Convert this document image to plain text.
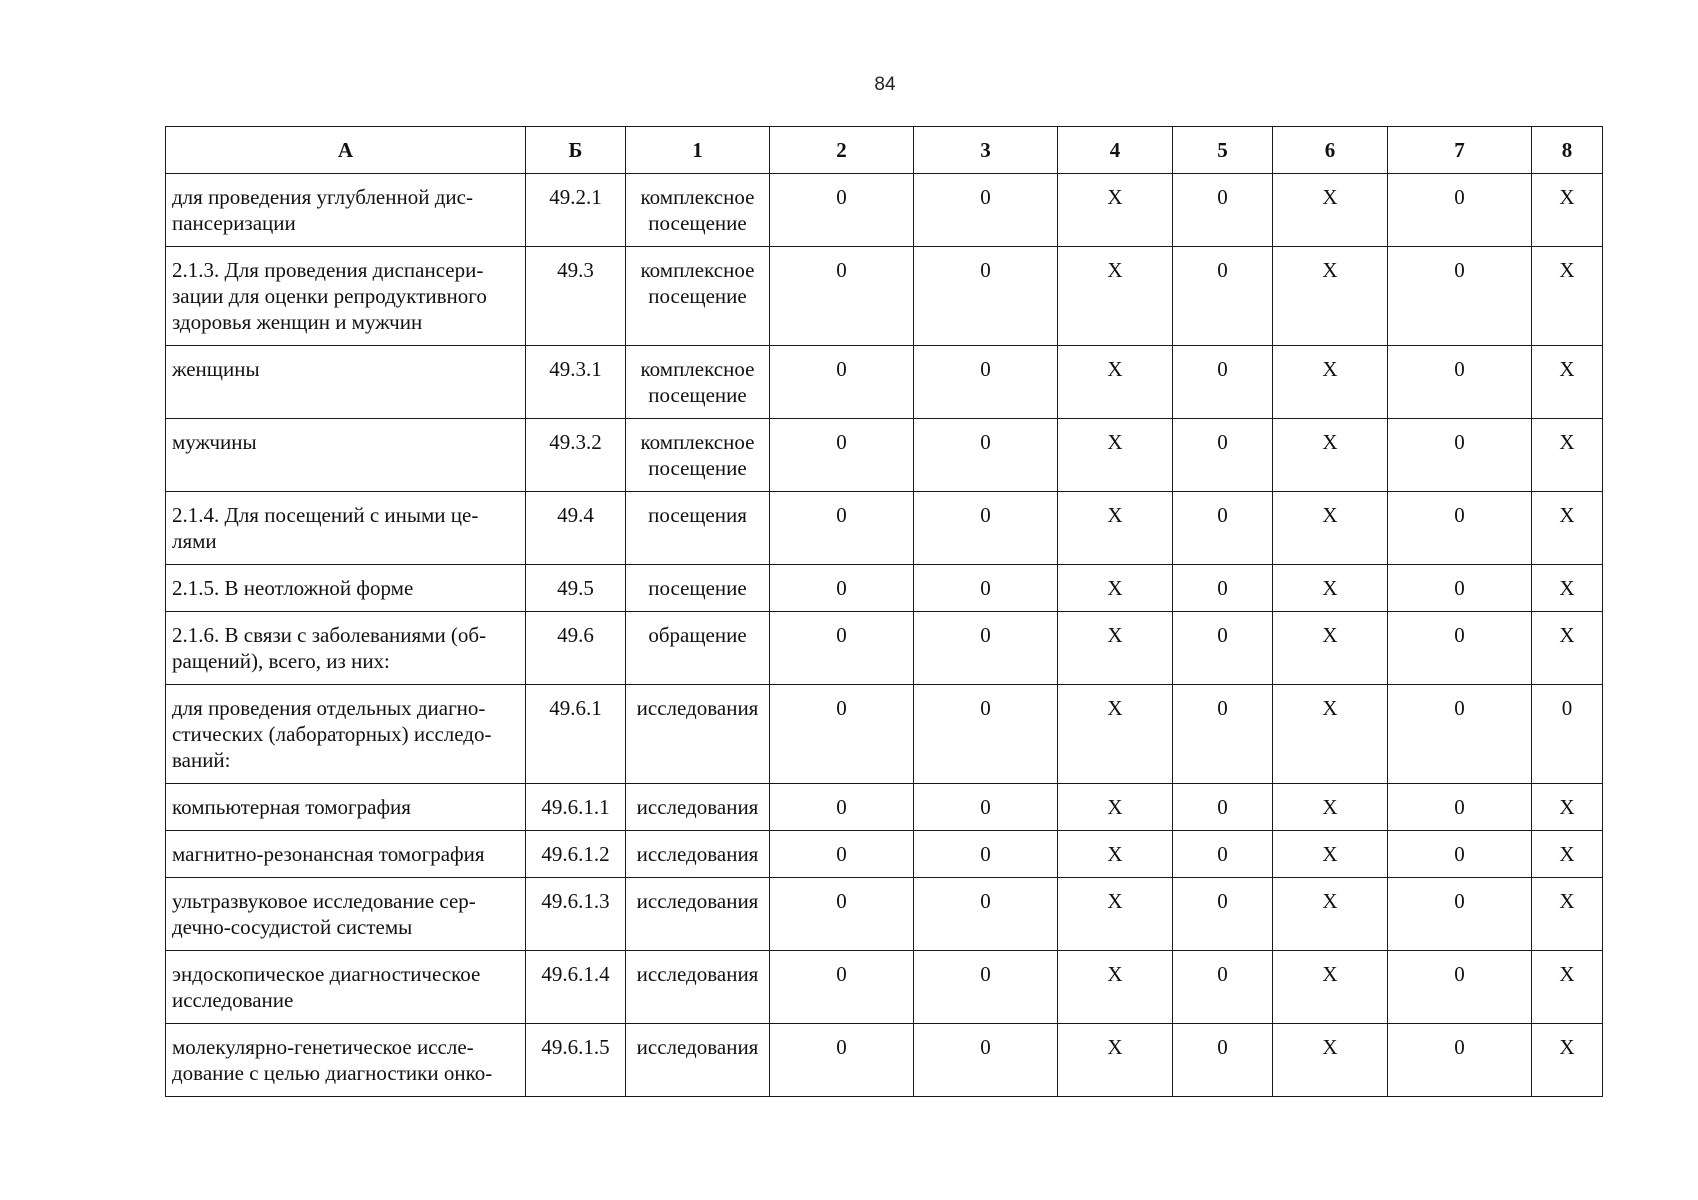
84
А	Б	1	2	3	4	5	6	7	8
для проведения углубленной дис-
пансеризации	49.2.1	комплексное посещение	0	0	X	0	X	0	X
2.1.3. Для проведения диспансери-
зации для оценки репродуктивного
здоровья женщин и мужчин	49.3	комплексное посещение	0	0	X	0	X	0	X
женщины	49.3.1	комплексное посещение	0	0	X	0	X	0	X
мужчины	49.3.2	комплексное посещение	0	0	X	0	X	0	X
2.1.4. Для посещений с иными це-
лями	49.4	посещения	0	0	X	0	X	0	X
2.1.5. В неотложной форме	49.5	посещение	0	0	X	0	X	0	X
2.1.6. В связи с заболеваниями (об-
ращений), всего, из них:	49.6	обращение	0	0	X	0	X	0	X
для проведения отдельных диагно-
стических (лабораторных) исследо-
ваний:	49.6.1	исследования	0	0	X	0	X	0	0
компьютерная томография	49.6.1.1	исследования	0	0	X	0	X	0	X
магнитно-резонансная томография	49.6.1.2	исследования	0	0	X	0	X	0	X
ультразвуковое исследование сер-
дечно-сосудистой системы	49.6.1.3	исследования	0	0	X	0	X	0	X
эндоскопическое диагностическое
исследование	49.6.1.4	исследования	0	0	X	0	X	0	X
молекулярно-генетическое иссле-
дование с целью диагностики онко-	49.6.1.5	исследования	0	0	X	0	X	0	X
